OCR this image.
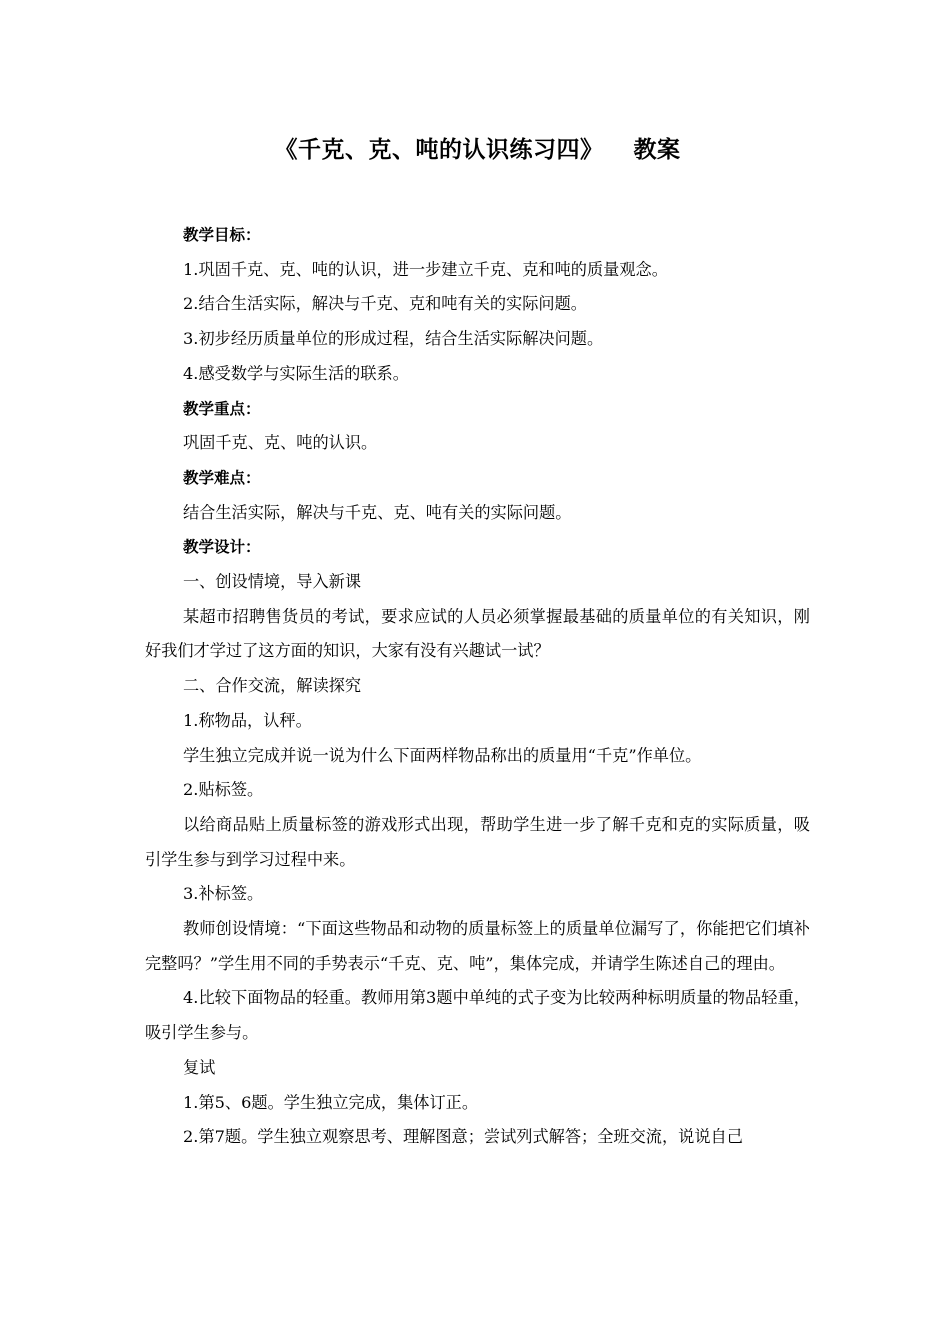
《千克、克、吨的认识练习四》 教案

教学目标：

1.巩固千克、克、吨的认识，进一步建立千克、克和吨的质量观念。

2.结合生活实际，解决与千克、克和吨有关的实际问题。

3.初步经历质量单位的形成过程，结合生活实际解决问题。

4.感受数学与实际生活的联系。

教学重点：

巩固千克、克、吨的认识。

教学难点：

结合生活实际，解决与千克、克、吨有关的实际问题。

教学设计：

一、创设情境，导入新课

某超市招聘售货员的考试，要求应试的人员必须掌握最基础的质量单位的有关知识，刚好我们才学过了这方面的知识，大家有没有兴趣试一试？

二、合作交流，解读探究

1.称物品，认秤。

学生独立完成并说一说为什么下面两样物品称出的质量用“千克”作单位。

2.贴标签。

以给商品贴上质量标签的游戏形式出现，帮助学生进一步了解千克和克的实际质量，吸引学生参与到学习过程中来。

3.补标签。

教师创设情境：“下面这些物品和动物的质量标签上的质量单位漏写了，你能把它们填补完整吗？”学生用不同的手势表示“千克、克、吨”，集体完成，并请学生陈述自己的理由。

4.比较下面物品的轻重。教师用第3题中单纯的式子变为比较两种标明质量的物品轻重，吸引学生参与。

复试

1.第5、6题。学生独立完成，集体订正。

2.第7题。学生独立观察思考、理解图意；尝试列式解答；全班交流，说说自己
